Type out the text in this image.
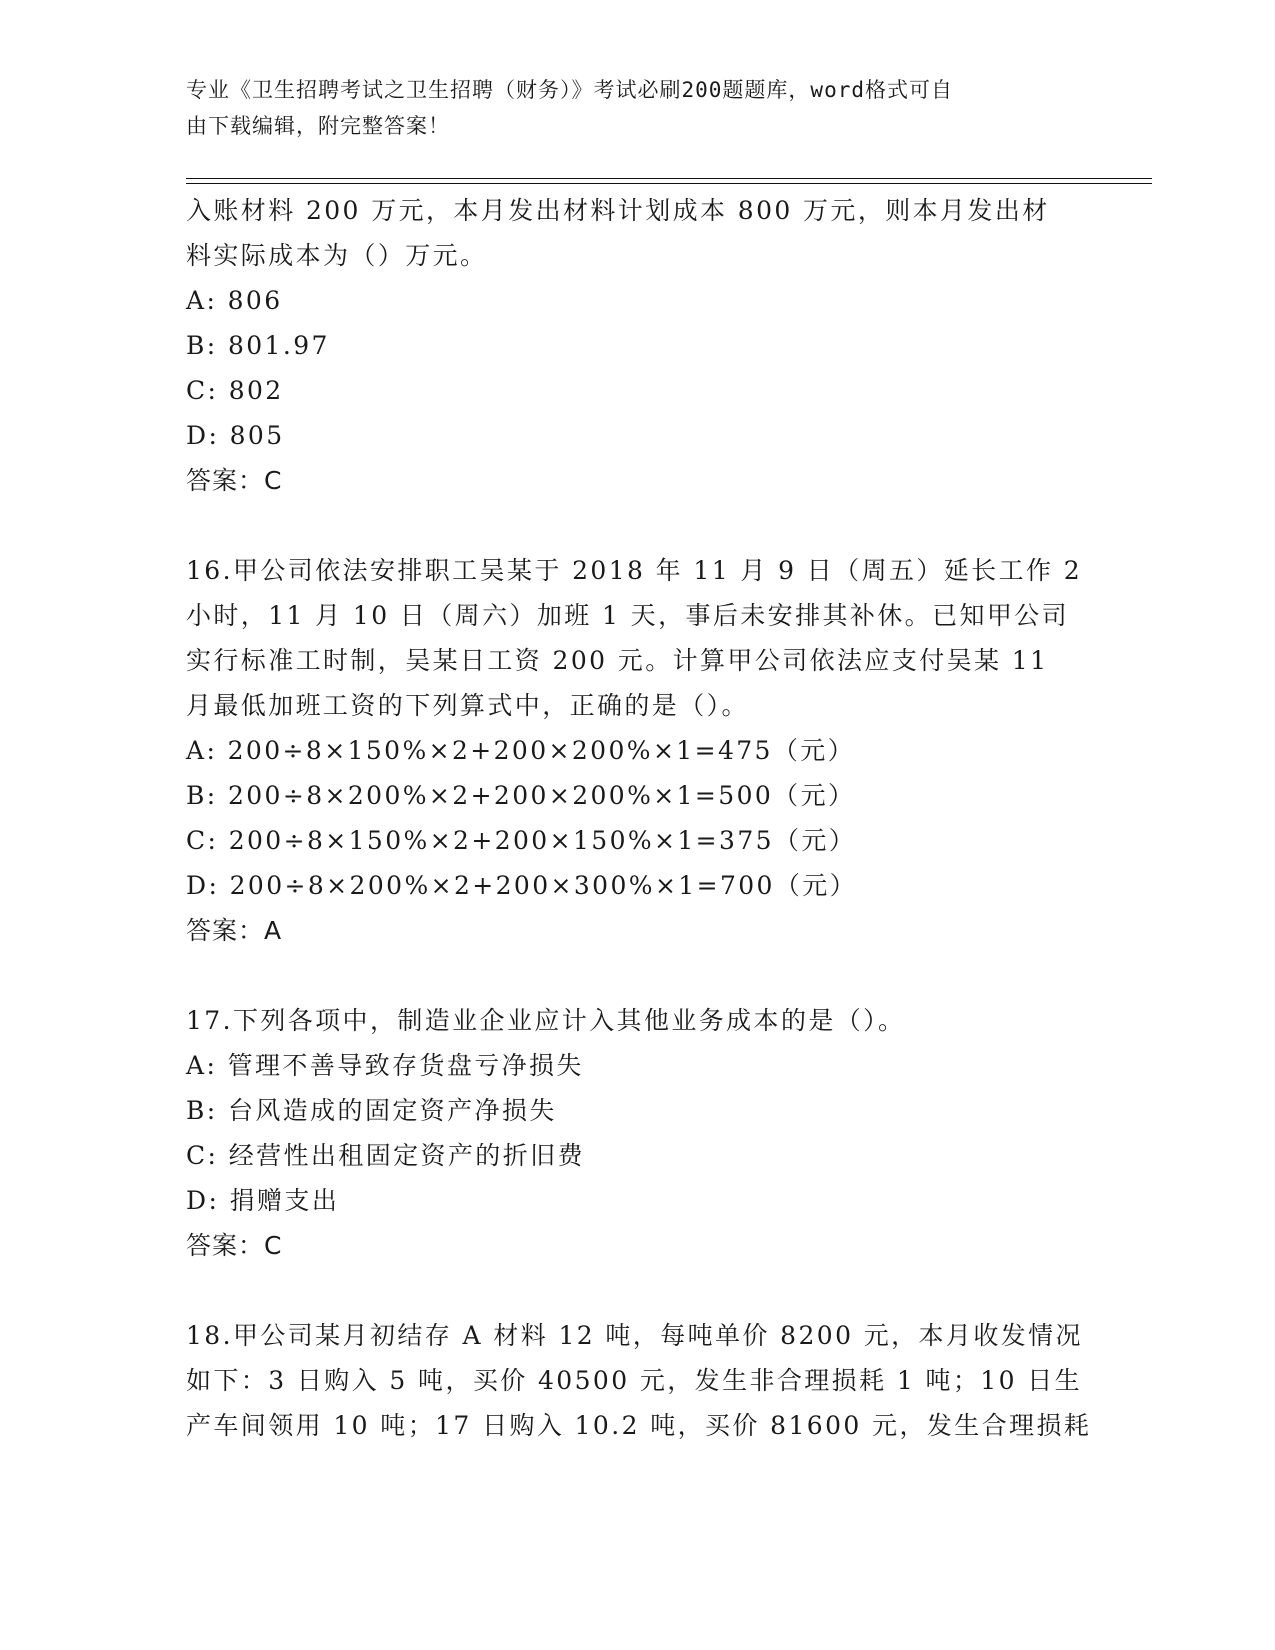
专业《卫生招聘考试之卫生招聘（财务）》考试必刷200题题库，word格式可自
由下载编辑，附完整答案！
入账材料 200 万元，本月发出材料计划成本 800 万元，则本月发出材
料实际成本为（）万元。
A: 806
B: 801.97
C: 802
D: 805
答案：C
16.甲公司依法安排职工吴某于 2018 年 11 月 9 日（周五）延长工作 2
小时，11 月 10 日（周六）加班 1 天，事后未安排其补休。已知甲公司
实行标准工时制，吴某日工资 200 元。计算甲公司依法应支付吴某 11
月最低加班工资的下列算式中，正确的是（）。
A: 200÷8×150%×2+200×200%×1=475（元）
B: 200÷8×200%×2+200×200%×1=500（元）
C: 200÷8×150%×2+200×150%×1=375（元）
D: 200÷8×200%×2+200×300%×1=700（元）
答案：A
17.下列各项中，制造业企业应计入其他业务成本的是（）。
A: 管理不善导致存货盘亏净损失
B: 台风造成的固定资产净损失
C: 经营性出租固定资产的折旧费
D: 捐赠支出
答案：C
18.甲公司某月初结存 A 材料 12 吨，每吨单价 8200 元，本月收发情况
如下：3 日购入 5 吨，买价 40500 元，发生非合理损耗 1 吨；10 日生
产车间领用 10 吨；17 日购入 10.2 吨，买价 81600 元，发生合理损耗
